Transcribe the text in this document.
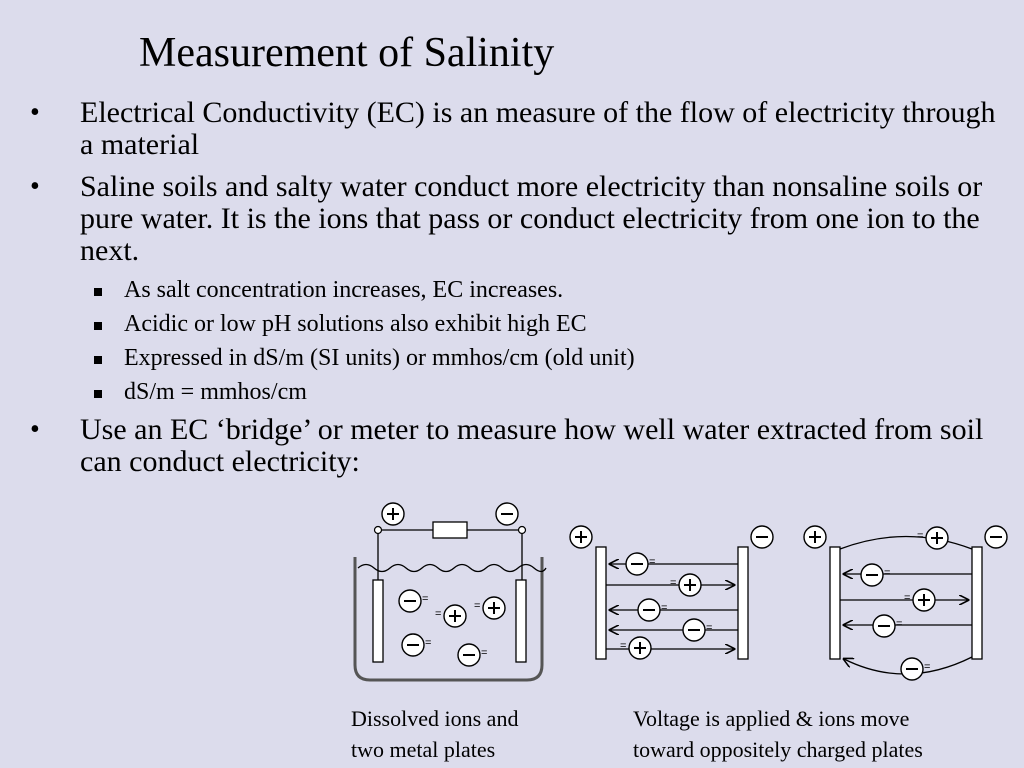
Measurement of Salinity
• Electrical Conductivity (EC) is an measure of the flow of electricity through a material
• Saline soils and salty water conduct more electricity than nonsaline soils or pure water. It is the ions that pass or conduct electricity from one ion to the next.
As salt concentration increases, EC increases.
Acidic or low pH solutions also exhibit high EC
Expressed in dS/m (SI units) or mmhos/cm (old unit)
dS/m = mmhos/cm
• Use an EC ‘bridge’ or meter to measure how well water extracted from soil can conduct electricity:
=
=
=
=
=
=
=
=
=
=
=
=
=
=
=
Dissolved ions and
two metal plates
Voltage is applied & ions move
toward oppositely charged plates
